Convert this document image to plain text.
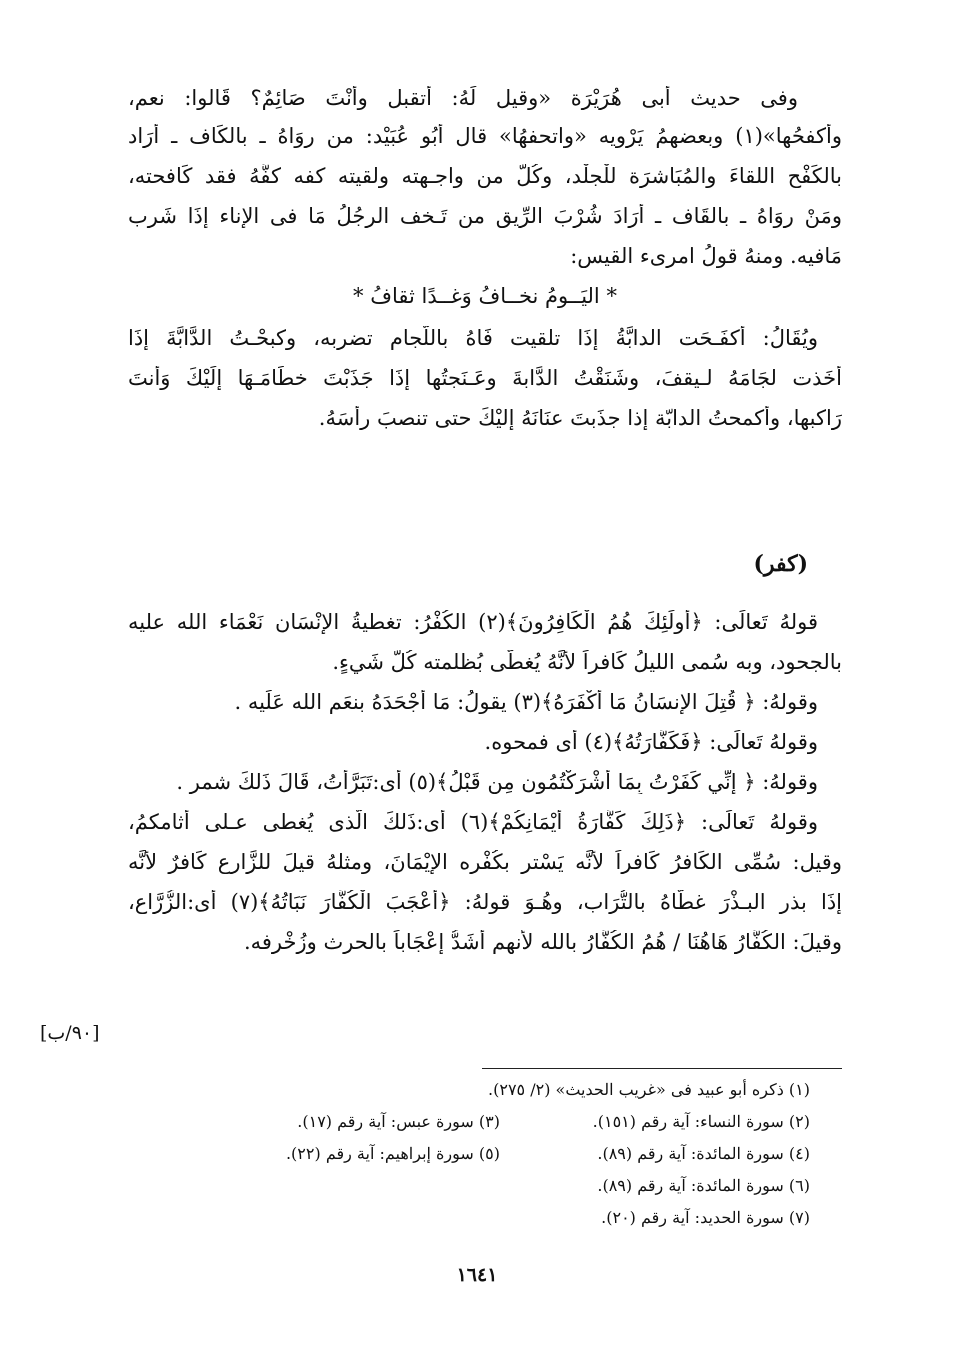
وفى حديث أبى هُرَيْرَة «وقيل لَهُ: أتقبل وأنْتَ صَائِمٌ؟ قَالوا: نعم،
وأكفحُها»(١) وبعضهمُ يَرْويه «واتحفهُا» قال أبُو عُبَيْد: من روَاهُ ـ بالكَاف ـ أرَاد
بالكَفْح اللقاءَ والمُبَاشرَة للْجلْد، وكُلُّ من واجـهته ولقيته كفه كفَّهُ فقد كَافحته،
ومَنْ روَاهُ ـ بالقَاف ـ أرَادَ شُرْبَ الرِّيق من تَـخف الرجُلُ مَا فى الإناء إذَا شَرب
مَافيه. ومنهُ قولُ امرىء القيس:
* اليَــومُ نخــافُ وَغــدًا ثقافُ *
ويُقَالُ: أكفَـحَت الدابَّةُ إذَا تلقيت فَاهُ باللّجام تضربه، وكبحْـتُ الدَّابَّةَ إذَا
أخَذت لجَامَهُ لـيقفَ، وشَنَقْتُ الدَّابةَ وعَـنَجتُها إذَا جَذَبْتَ خطَامَـهَا إلَيْكَ وَأنتَ
رَاكبها، وأكمحتُ الدابّة إذا جذَبتَ عنَانَهُ إليْكَ حتى تنصبَ رأسَهُ.
(كفر)
قولهُ تَعالَى: ﴿أُولَئِكَ هُمُ الْكَافِرُونَ﴾(٢) الكُفْرُ: تغطيةُ الإنْسَان نَعْمَاء الله عليه
بالجحود، وبه سُمى الليلُ كَافراً لأنَّهُ يُغطّى بُظلمته كُلُّ شَيءٍ.
وقولهُ: ﴿ قُتِلَ الإِنسَانُ مَا أَكْفَرَهُ﴾(٣) يقولُ: مَا أجْحَدَهُ بنعَم الله عَلَيه .
وقولهُ تَعالَى: ﴿فَكَفَّارَتُهُ﴾(٤) أى فمحوه.
وقولهُ: ﴿ إِنِّي كَفَرْتُ بِمَا أَشْرَكْتُمُونِ مِن قَبْلُ﴾(٥) أى:تَبَرَّأتُ، قَالَ ذَلكَ شمر .
وقولهُ تَعالَى: ﴿ذَلِكَ كَفَّارَةُ أَيْمَانِكُمْ﴾(٦) أى:ذَلكَ الَّذى يُغطى عـلى أثامكمُ،
وقيل: سُمِّى الكَافرُ كَافراً لأنَّه يَسْتر بكُفْره الإيْمَانَ، ومثلهُ قيلَ للزَّارع كَافرٌ لأنَّه
إذَا بذر البـذْرَ غطَّاهُ بالتُّرَاب، وهُـوَ قولهُ: ﴿أَعْجَبَ الْكُفَّارَ نَبَاتُهُ﴾(٧) أى:الزُّرَّاع،
وقيلَ: الكُفَّارُ هَاهُنَا / هُمُ الكُفَّارُ بالله لأنهم أشَدُّ إعْجَاباً بالحرث وزُخْرفه.
[٩٠/ب]
(١) ذكره أبو عبيد فى «غريب الحديث» (٢/ ٢٧٥).
(٢) سورة النساء: آية رقم (١٥١).
(٣) سورة عبس: آية رقم (١٧).
(٤) سورة المائدة: آية رقم (٨٩).
(٥) سورة إبراهيم: آية رقم (٢٢).
(٦) سورة المائدة: آية رقم (٨٩).
(٧) سورة الحديد: آية رقم (٢٠).
١٦٤١
